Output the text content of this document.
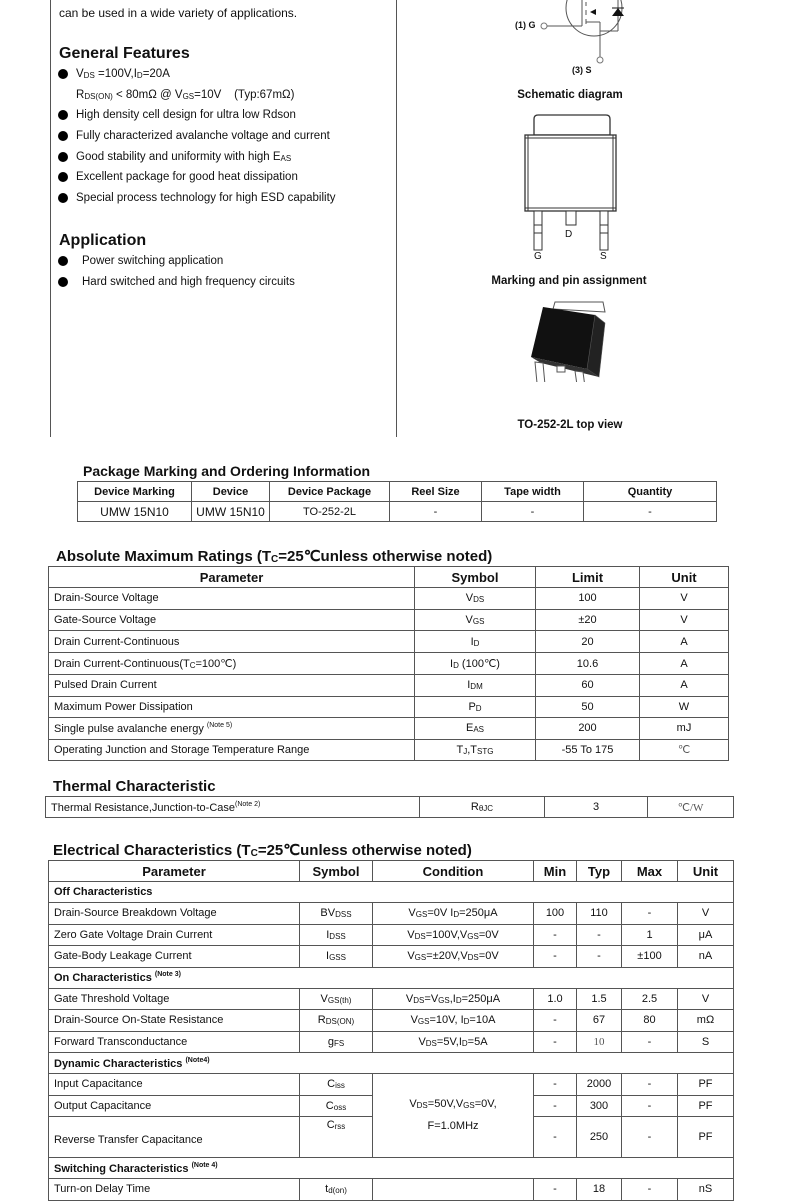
can be used in a wide variety of applications.
General Features
$V_{DS} =100V,I_D=20A$
$R_{DS(ON)} < 80m\Omega$ @ $V_{GS}=10V$    (Typ:67mΩ)
High density cell design for ultra low Rdson
Fully characterized avalanche voltage and current
Good stability and uniformity with high $E_{AS}$
Excellent package for good heat dissipation
Special process technology for high ESD capability
Application
Power switching application
Hard switched and high frequency circuits
(1) G
(3) S
Schematic diagram
D
G	S
Marking and pin assignment
TO-252-2L top view
Package Marking and Ordering Information
Device Marking	Device	Device Package	Reel Size	Tape width	Quantity
UMW 15N10	UMW 15N10	TO-252-2L	-	-	-
Absolute Maximum Ratings ($T_C=25℃unless$ otherwise noted)
Parameter	Symbol	Limit	Unit
Drain-Source Voltage	$V_{DS}$	100	V
Gate-Source Voltage	$V_{GS}$	±20	V
Drain Current-Continuous	$I_D$	20	A
Drain Current-$Continuous(T_C=100℃)$	$I_D$ (100℃)	10.6	A
Pulsed Drain Current	$I_{DM}$	60	A
Maximum Power Dissipation	$P_D$	50	W
Single pulse avalanche energy $^{(Note 5)}$	$E_{AS}$	200	mJ
Operating Junction and Storage Temperature Range	$T_J,T_{STG}$	-55 To 175	℃
Thermal Characteristic
Thermal Resistance,Junction-to-Case$^{(Note 2)}$	$R_{\theta JC}$	3	℃/W
Electrical Characteristics ($T_C=25℃unless$ otherwise noted)
Parameter	Symbol	Condition	Min	Typ	Max	Unit
Off Characteristics						
Drain-Source Breakdown Voltage	$BV_{DSS}$	$V_{GS}=0V$ $I_D=250\mu A$	100	110	-	V
Zero Gate Voltage Drain Current	$I_{DSS}$	$V_{DS}=100V,V_{GS}=0V$	-	-	1	μA
Gate-Body Leakage Current	$I_{GSS}$	$V_{GS}=\pm 20V,V_{DS}=0V$	-	-	±100	nA
On Characteristics $^{(Note 3)}$
Gate Threshold Voltage	$V_{GS(th)}$	$V_{DS}=V_{GS},I_D=250\mu A$	1.0	1.5	2.5	V
Drain-Source On-State Resistance	$R_{DS(ON)}$	$V_{GS}=10V$, $I_D=10A$	-	67	80	mΩ
Forward Transconductance	$g_{FS}$	$V_{DS}=5V,I_D=5A$	-	10	-	S
Dynamic Characteristics $^{(Note4)}$
Input Capacitance	$C_{iss}$	$V_{DS}=50V,V_{GS}=0V$,
F=1.0MHz	-	2000	-	PF
Output Capacitance	$C_{oss}$		-	300	-	PF
Reverse Transfer Capacitance	$C_{rss}$		-	250	-	PF
Switching Characteristics $^{(Note 4)}$
Turn-on Delay Time	$t_{d(on)}$		-	18	-	nS
